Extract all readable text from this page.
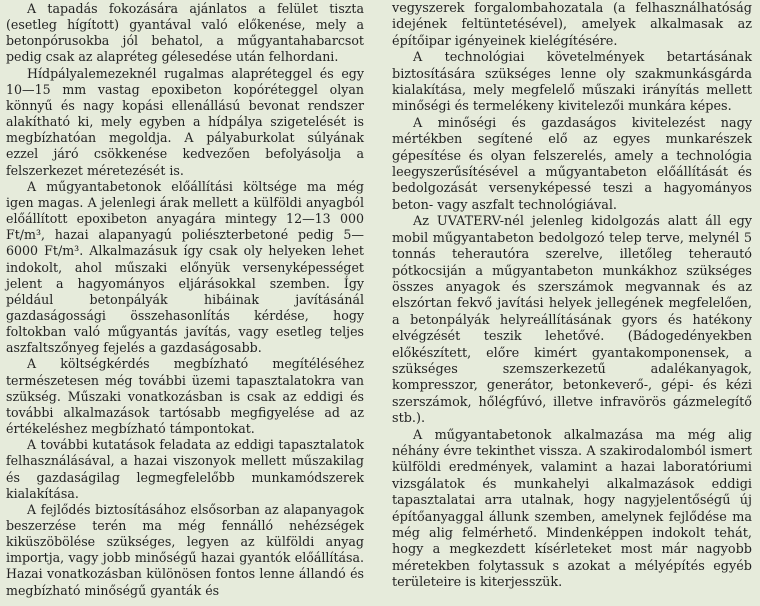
A tapadás fokozására ajánlatos a felület tiszta (esetleg hígított) gyantával való előkenése, mely a betonpórusokba jól behatol, a műgyantahabarcsot pedig csak az alapréteg gélesedése után felhordani.

Hídpályalemezeknél rugalmas alapréteggel és egy 10—15 mm vastag epoxibeton kopóréteggel olyan könnyű és nagy kopási ellenállású bevonat rendszer alakítható ki, mely egyben a hídpálya szigetelését is megbízhatóan megoldja. A pályaburkolat súlyának ezzel járó csökkenése kedvezően befolyásolja a felszerkezet méretezését is.

A műgyantabetonok előállítási költsége ma még igen magas. A jelenlegi árak mellett a külföldi anyagból előállított epoxibeton anyagára mintegy 12—13 000 Ft/m³, hazai alapanyagú poliészterbetoné pedig 5—6000 Ft/m³. Alkalmazásuk így csak oly helyeken lehet indokolt, ahol műszaki előnyük versenyképességet jelent a hagyományos eljárásokkal szemben. Így például betonpályák hibáinak javításánál gazdaságossági összehasonlítás kérdése, hogy foltokban való műgyantás javítás, vagy esetleg teljes aszfaltszőnyeg fejelés a gazdaságosabb.

A költségkérdés megbízható megítéléséhez természetesen még további üzemi tapasztalatokra van szükség. Műszaki vonatkozásban is csak az eddigi és további alkalmazások tartósabb megfigyelése ad az értékeléshez megbízható támpontokat.

A további kutatások feladata az eddigi tapasztalatok felhasználásával, a hazai viszonyok mellett műszakilag és gazdaságilag legmegfelelőbb munkamódszerek kialakítása.

A fejlődés biztosításához elsősorban az alapanyagok beszerzése terén ma még fennálló nehézségek kiküszöbölése szükséges, legyen az külföldi anyag importja, vagy jobb minőségű hazai gyantók előállítása. Hazai vonatkozásban különösen fontos lenne állandó és megbízható minőségű gyanták és

vegyszerek forgalombahozatala (a felhasználhatóság idejének feltüntetésével), amelyek alkalmasak az építőipar igényeinek kielégítésére.

A technológiai követelmények betartásának biztosítására szükséges lenne oly szakmunkásgárda kialakítása, mely megfelelő műszaki irányítás mellett minőségi és termelékeny kivitelezői munkára képes.

A minőségi és gazdaságos kivitelezést nagy mértékben segítené elő az egyes munkarészek gépesítése és olyan felszerelés, amely a technológia leegyszerűsítésével a műgyantabeton előállítását és bedolgozását versenyképessé teszi a hagyományos beton- vagy aszfalt technológiával.

Az UVATERV-nél jelenleg kidolgozás alatt áll egy mobil műgyantabeton bedolgozó telep terve, melynél 5 tonnás teherautóra szerelve, illetőleg teherautó pótkocsiján a műgyantabeton munkákhoz szükséges összes anyagok és szerszámok megvannak és az elszórtan fekvő javítási helyek jellegének megfelelően, a betonpályák helyreállításának gyors és hatékony elvégzését teszik lehetővé. (Bádogedényekben előkészített, előre kimért gyantakomponensek, a szükséges szemszerkezetű adalékanyagok, kompresszor, generátor, betonkeverő-, gépi- és kézi szerszámok, hőlégfúvó, illetve infravörös gázmelegítő stb.).

A műgyantabetonok alkalmazása ma még alig néhány évre tekinthet vissza. A szakirodalomból ismert külföldi eredmények, valamint a hazai laboratóriumi vizsgálatok és munkahelyi alkalmazások eddigi tapasztalatai arra utalnak, hogy nagyjelentőségű új építőanyaggal állunk szemben, amelynek fejlődése ma még alig felmérhető. Mindenképpen indokolt tehát, hogy a megkezdett kísérleteket most már nagyobb méretekben folytassuk s azokat a mélyépítés egyéb területeire is kiterjesszük.
